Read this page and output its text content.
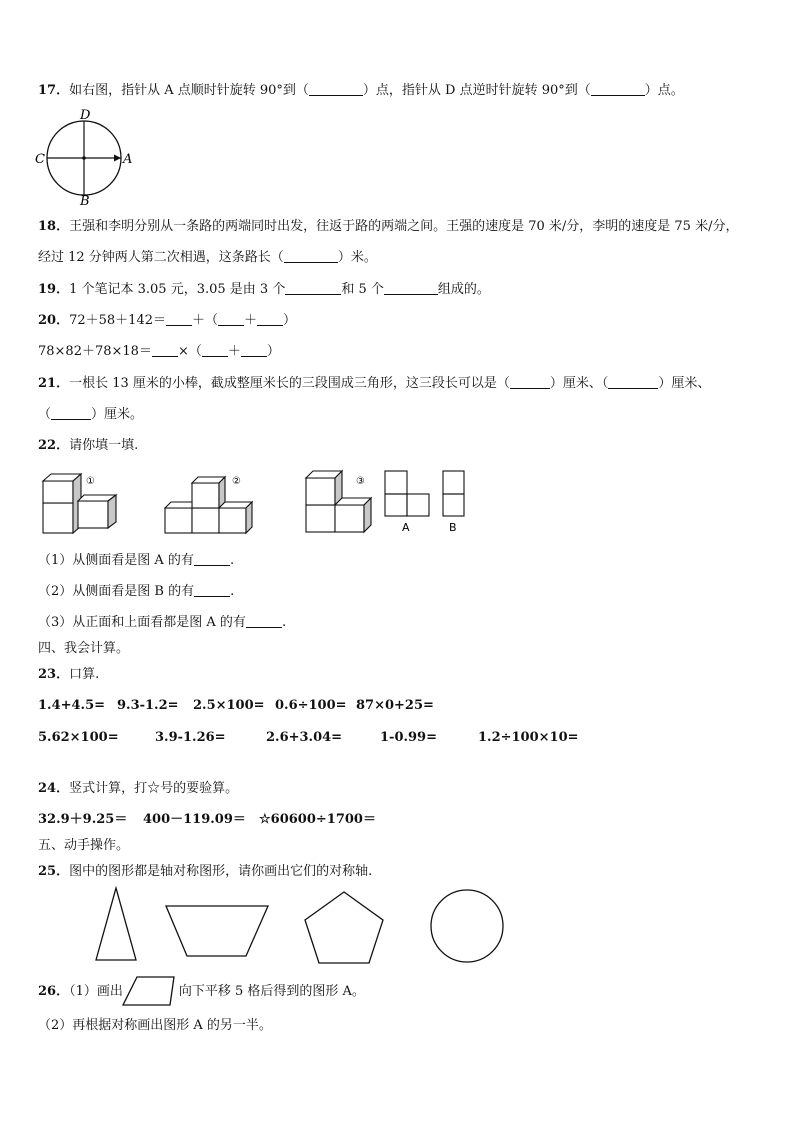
17．如右图，指针从 A 点顺时针旋转 90°到（	）点，指针从 D 点逆时针旋转 90°到（	）点。
D
C	A
B
18．王强和李明分别从一条路的两端同时出发，往返于路的两端之间。王强的速度是 70 米/分，李明的速度是 75 米/分，
经过 12 分钟两人第二次相遇，这条路长（	）米。
19．1 个笔记本 3.05 元，3.05 是由 3 个	和 5 个	组成的。
20．72＋58＋142＝ ＋（ ＋ ）
78×82＋78×18＝ ×（ ＋ ）
21．一根长 13 厘米的小棒，截成整厘米长的三段围成三角形，这三段长可以是（	）厘米、（	）厘米、
（	）厘米。
22．请你填一填.
①	②	③
A	B
（1）从侧面看是图 A 的有	.
（2）从侧面看是图 B 的有	.
（3）从正面和上面看都是图 A 的有	.
四、我会计算。
23．口算.
1.4+4.5= 9.3-1.2= 2.5×100= 0.6÷100= 87×0+25=
5.62×100=	3.9-1.26=	2.6+3.04=	1-0.99=	1.2÷100×10=
24．竖式计算，打☆号的要验算。
32.9＋9.25＝ 400－119.09＝ ☆60600÷1700＝
五、动手操作。
25．图中的图形都是轴对称图形，请你画出它们的对称轴.
26．（1）画出	向下平移 5 格后得到的图形 A。
（2）再根据对称画出图形 A 的另一半。
